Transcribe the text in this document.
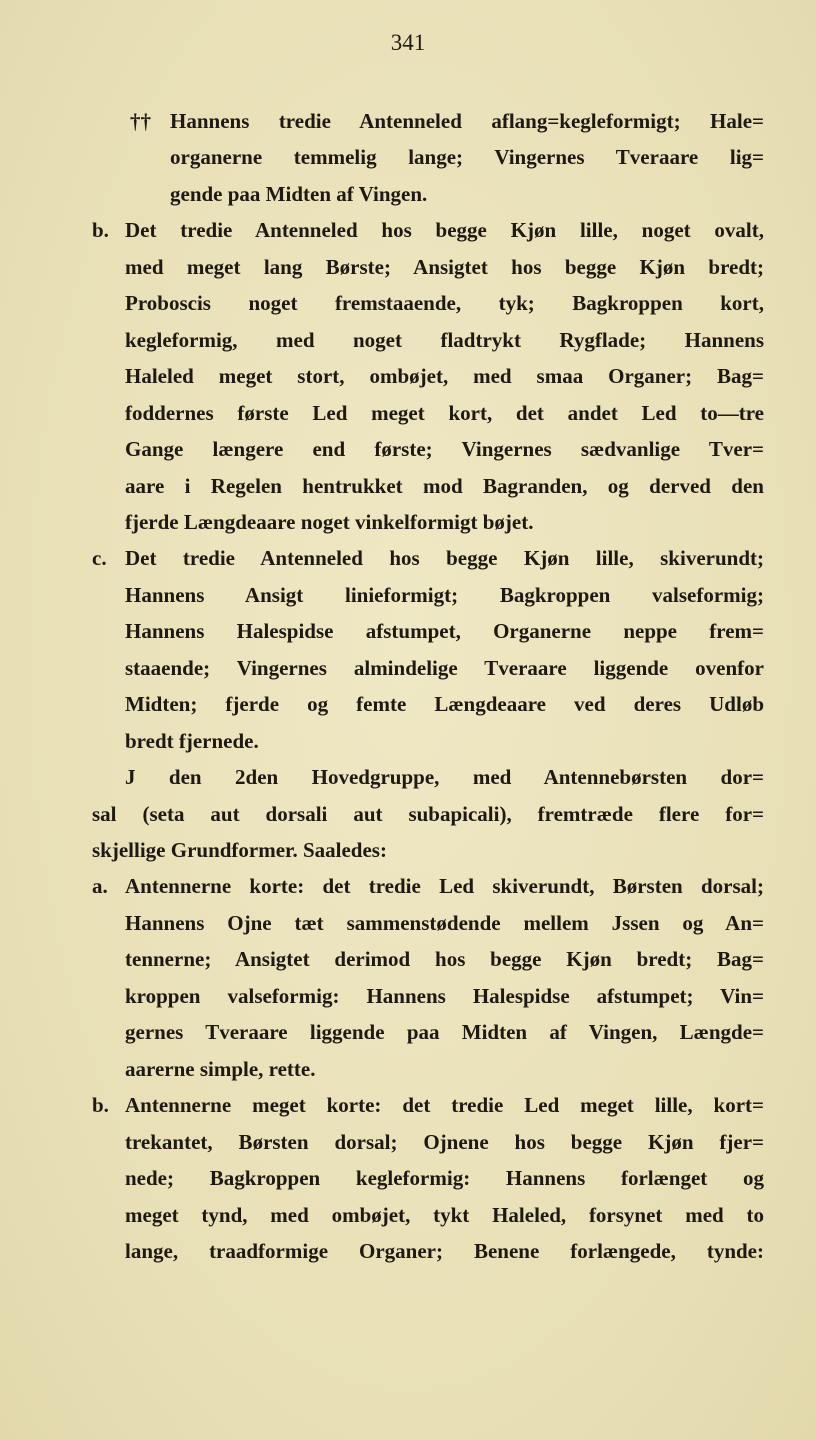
341
†† Hannens tredie Antenneled aflang=kegleformigt; Hale=
organerne temmelig lange; Vingernes Tveraare lig=
gende paa Midten af Vingen.
b. Det tredie Antenneled hos begge Kjøn lille, noget ovalt,
med meget lang Børste; Ansigtet hos begge Kjøn bredt;
Proboscis noget fremstaaende, tyk; Bagkroppen kort,
kegleformig, med noget fladtrykt Rygflade; Hannens
Haleled meget stort, ombøjet, med smaa Organer; Bag=
foddernes første Led meget kort, det andet Led to—tre
Gange længere end første; Vingernes sædvanlige Tver=
aare i Regelen hentrukket mod Bagranden, og derved den
fjerde Længdeaare noget vinkelformigt bøjet.
c. Det tredie Antenneled hos begge Kjøn lille, skiverundt;
Hannens Ansigt linieformigt; Bagkroppen valseformig;
Hannens Halespidse afstumpet, Organerne neppe frem=
staaende; Vingernes almindelige Tveraare liggende ovenfor
Midten; fjerde og femte Længdeaare ved deres Udløb
bredt fjernede.
J den 2den Hovedgruppe, med Antennebørsten dor=
sal (seta aut dorsali aut subapicali), fremtræde flere for=
skjellige Grundformer. Saaledes:
a. Antennerne korte: det tredie Led skiverundt, Børsten dorsal;
Hannens Ojne tæt sammenstødende mellem Jssen og An=
tennerne; Ansigtet derimod hos begge Kjøn bredt; Bag=
kroppen valseformig: Hannens Halespidse afstumpet; Vin=
gernes Tveraare liggende paa Midten af Vingen, Længde=
aarerne simple, rette.
b. Antennerne meget korte: det tredie Led meget lille, kort=
trekantet, Børsten dorsal; Ojnene hos begge Kjøn fjer=
nede; Bagkroppen kegleformig: Hannens forlænget og
meget tynd, med ombøjet, tykt Haleled, forsynet med to
lange, traadformige Organer; Benene forlængede, tynde:
